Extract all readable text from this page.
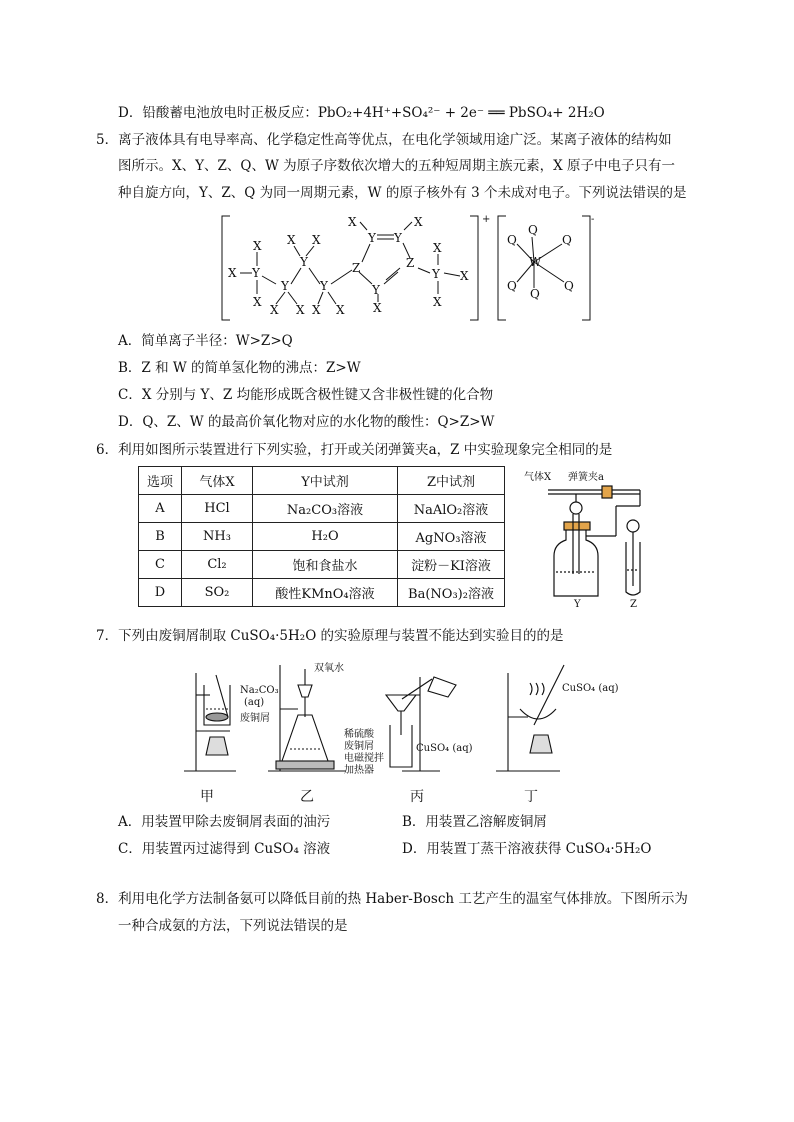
D．铅酸蓄电池放电时正极反应：PbO₂+4H⁺+SO₄²⁻ + 2e⁻ ══ PbSO₄+ 2H₂O
5．离子液体具有电导率高、化学稳定性高等优点，在电化学领域用途广泛。某离子液体的结构如
图所示。X、Y、Z、Q、W 为原子序数依次增大的五种短周期主族元素，X 原子中电子只有一
种自旋方向，Y、Z、Q 为同一周期元素，W 的原子核外有 3 个未成对电子。下列说法错误的是
X Y
X
X
Y
X X
Y
X X
Y
X X
Z
Y Y
X	X
Z
Y
X
Y
X
X
X
+
W
Q
Q
Q
Q
Q
Q
-
A．简单离子半径：W>Z>Q
B．Z 和 W 的简单氢化物的沸点：Z>W
C．X 分别与 Y、Z 均能形成既含极性键又含非极性键的化合物
D．Q、Z、W 的最高价氧化物对应的水化物的酸性：Q>Z>W
6．利用如图所示装置进行下列实验，打开或关闭弹簧夹a，Z 中实验现象完全相同的是
选项	气体X	Y中试剂	Z中试剂
A	HCl	Na₂CO₃溶液	NaAlO₂溶液
B	NH₃	H₂O	AgNO₃溶液
C	Cl₂	饱和食盐水	淀粉－KI溶液
D	SO₂	酸性KMnO₄溶液	Ba(NO₃)₂溶液
气体X 弹簧夹a
Y	Z
7．下列由废铜屑制取 CuSO₄·5H₂O 的实验原理与装置不能达到实验目的的是
Na₂CO₃
(aq)
废铜屑
双氧水
稀硫酸
废铜屑
电磁搅拌
加热器
CuSO₄ (aq)
CuSO₄ (aq)
甲	乙	丙	丁
A．用装置甲除去废铜屑表面的油污	B．用装置乙溶解废铜屑
C．用装置丙过滤得到 CuSO₄ 溶液	D．用装置丁蒸干溶液获得 CuSO₄·5H₂O
8．利用电化学方法制备氨可以降低目前的热 Haber-Bosch 工艺产生的温室气体排放。下图所示为
一种合成氨的方法，下列说法错误的是
